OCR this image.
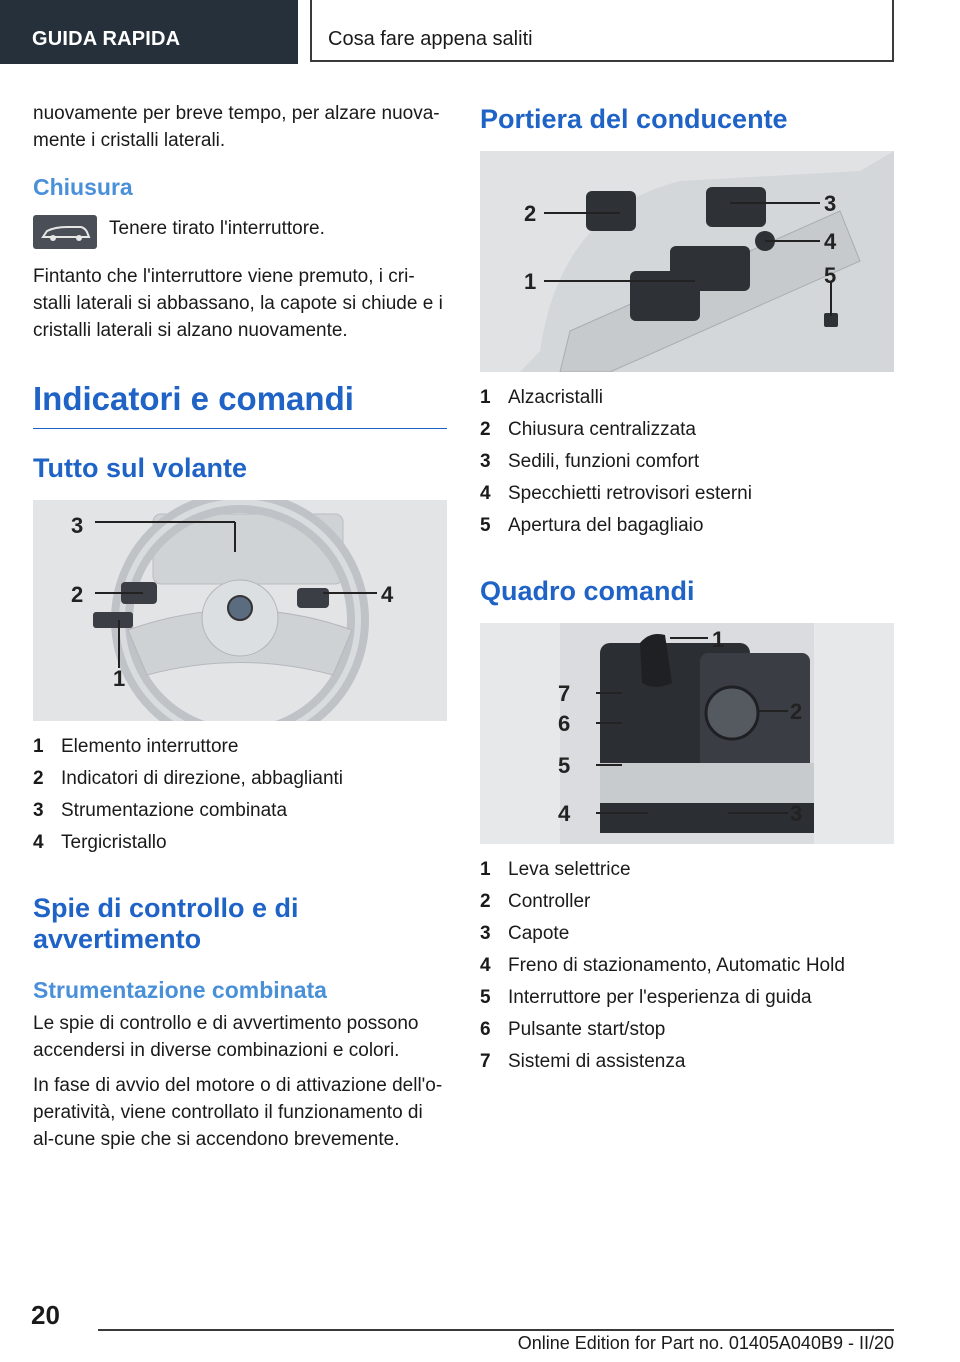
GUIDA RAPIDA	Cosa fare appena saliti

nuovamente per breve tempo, per alzare nuova-mente i cristalli laterali.

Chiusura

Tenere tirato l'interruttore.

Fintanto che l'interruttore viene premuto, i cri-stalli laterali si abbassano, la capote si chiude e i cristalli laterali si alzano nuovamente.

Indicatori e comandi
Tutto sul volante
3
2
1
4
1 Elemento interruttore
2 Indicatori di direzione, abbaglianti
3 Strumentazione combinata
4 Tergicristallo
Spie di controllo e di avvertimento
Strumentazione combinata

Le spie di controllo e di avvertimento possono accendersi in diverse combinazioni e colori.

In fase di avvio del motore o di attivazione dell'o-peratività, viene controllato il funzionamento di al-cune spie che si accendono brevemente.

Portiera del conducente
2	3
4
1	5
1 Alzacristalli
2 Chiusura centralizzata
3 Sedili, funzioni comfort
4 Specchietti retrovisori esterni
5 Apertura del bagagliaio
Quadro comandi
1
2
3
4
5
6
7
1 Leva selettrice
2 Controller
3 Capote
4 Freno di stazionamento, Automatic Hold
5 Interruttore per l'esperienza di guida
6 Pulsante start/stop
7 Sistemi di assistenza
20
Online Edition for Part no. 01405A040B9 - II/20
